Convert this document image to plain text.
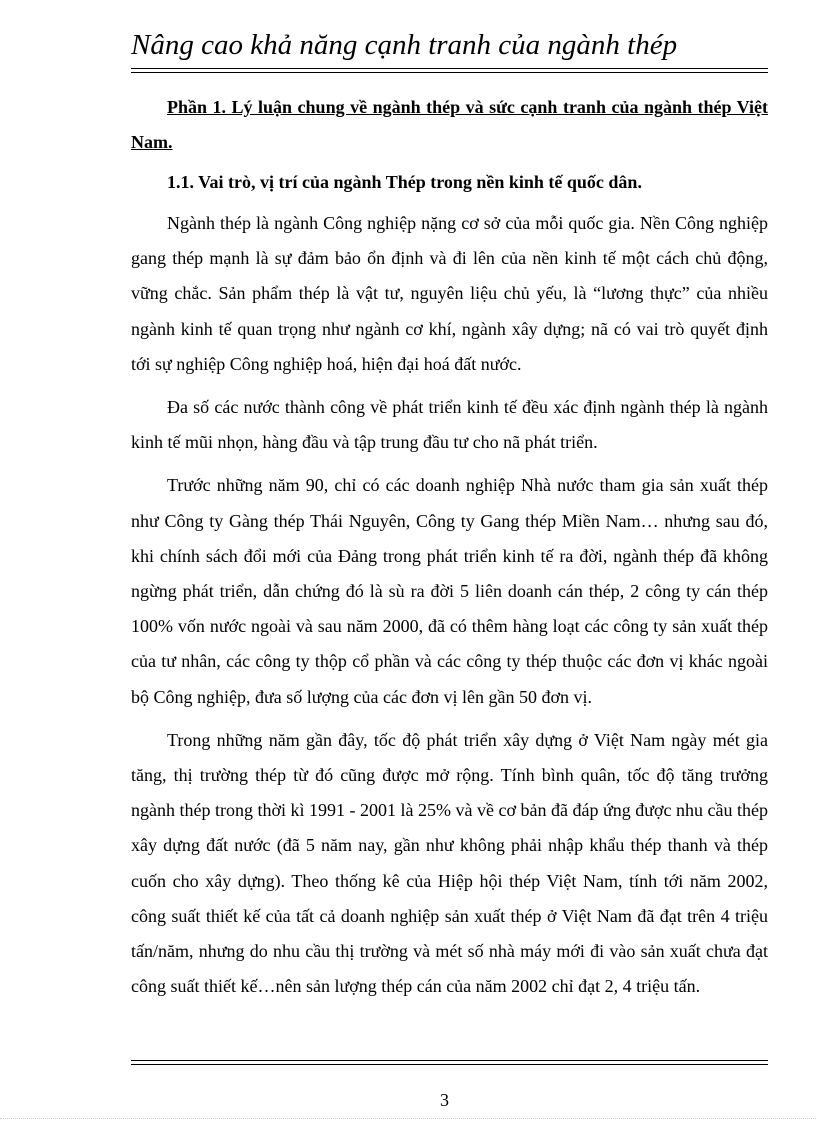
Nâng cao khả năng cạnh tranh của ngành thép

Phần 1. Lý luận chung về ngành thép và sức cạnh tranh của ngành thép Việt Nam.

1.1. Vai trò, vị trí của ngành Thép trong nền kinh tế quốc dân.

Ngành thép là ngành Công nghiệp nặng cơ sở của mỗi quốc gia. Nền Công nghiệp gang thép mạnh là sự đảm bảo ổn định và đi lên của nền kinh tế một cách chủ động, vững chắc. Sản phẩm thép là vật tư, nguyên liệu chủ yếu, là “lương thực” của nhiều ngành kinh tế quan trọng như ngành cơ khí, ngành xây dựng; nã có vai trò quyết định tới sự nghiệp Công nghiệp hoá, hiện đại hoá đất nước.

Đa số các nước thành công về phát triển kinh tế đều xác định ngành thép là ngành kinh tế mũi nhọn, hàng đầu và tập trung đầu tư cho nã phát triển.

Trước những năm 90, chỉ có các doanh nghiệp Nhà nước tham gia sản xuất thép như Công ty Gàng thép Thái Nguyên, Công ty Gang thép Miền Nam… nhưng sau đó, khi chính sách đổi mới của Đảng trong phát triển kinh tế ra đời, ngành thép đã không ngừng phát triển, dẫn chứng đó là sù ra đời 5 liên doanh cán thép, 2 công ty cán thép 100% vốn nước ngoài và sau năm 2000, đã có thêm hàng loạt các công ty sản xuất thép của tư nhân, các công ty thộp cổ phần và các công ty thép thuộc các đơn vị khác ngoài bộ Công nghiệp, đưa số lượng của các đơn vị lên gần 50 đơn vị.

Trong những năm gần đây, tốc độ phát triển xây dựng ở Việt Nam ngày mét gia tăng, thị trường thép từ đó cũng được mở rộng. Tính bình quân, tốc độ tăng trưởng ngành thép trong thời kì 1991 - 2001 là 25% và về cơ bản đã đáp ứng được nhu cầu thép xây dựng đất nước (đã 5 năm nay, gần như không phải nhập khẩu thép thanh và thép cuốn cho xây dựng). Theo thống kê của Hiệp hội thép Việt Nam, tính tới năm 2002, công suất thiết kế của tất cả doanh nghiệp sản xuất thép ở Việt Nam đã đạt trên 4 triệu tấn/năm, nhưng do nhu cầu thị trường và mét số nhà máy mới đi vào sản xuất chưa đạt công suất thiết kế…nên sản lượng thép cán của năm 2002 chỉ đạt 2, 4 triệu tấn.

3
